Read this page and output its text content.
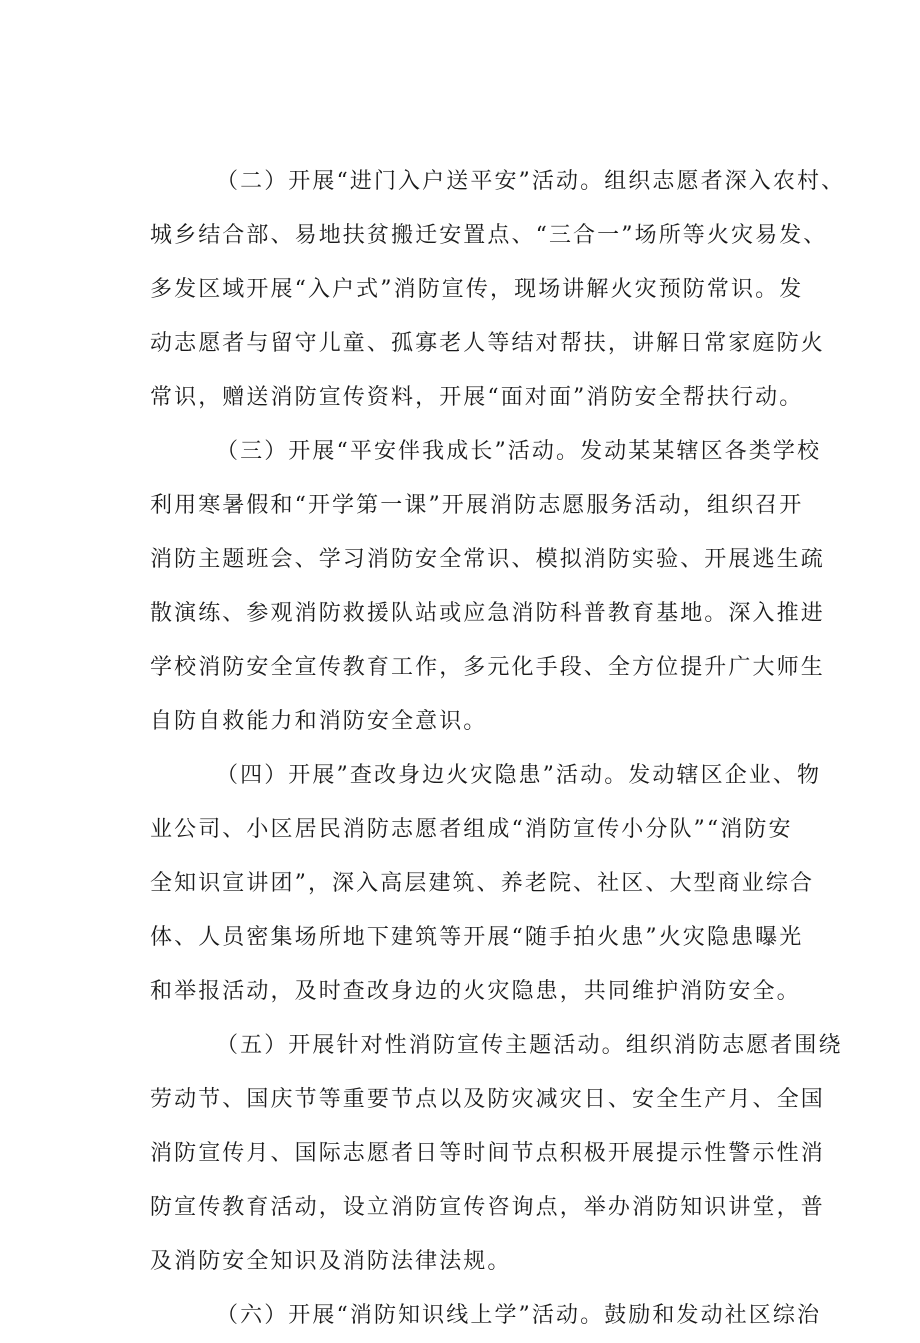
（二）开展“进门入户送平安”活动。组织志愿者深入农村、
城乡结合部、易地扶贫搬迁安置点、“三合一”场所等火灾易发、
多发区域开展“入户式”消防宣传，现场讲解火灾预防常识。发
动志愿者与留守儿童、孤寡老人等结对帮扶，讲解日常家庭防火
常识，赠送消防宣传资料，开展“面对面”消防安全帮扶行动。
（三）开展“平安伴我成长”活动。发动某某辖区各类学校
利用寒暑假和“开学第一课”开展消防志愿服务活动，组织召开
消防主题班会、学习消防安全常识、模拟消防实验、开展逃生疏
散演练、参观消防救援队站或应急消防科普教育基地。深入推进
学校消防安全宣传教育工作，多元化手段、全方位提升广大师生
自防自救能力和消防安全意识。
（四）开展”查改身边火灾隐患”活动。发动辖区企业、物
业公司、小区居民消防志愿者组成“消防宣传小分队”“消防安
全知识宣讲团”，深入高层建筑、养老院、社区、大型商业综合
体、人员密集场所地下建筑等开展“随手拍火患”火灾隐患曝光
和举报活动，及时查改身边的火灾隐患，共同维护消防安全。
（五）开展针对性消防宣传主题活动。组织消防志愿者围绕
劳动节、国庆节等重要节点以及防灾减灾日、安全生产月、全国
消防宣传月、国际志愿者日等时间节点积极开展提示性警示性消
防宣传教育活动，设立消防宣传咨询点，举办消防知识讲堂，普
及消防安全知识及消防法律法规。
（六）开展“消防知识线上学”活动。鼓励和发动社区综治
